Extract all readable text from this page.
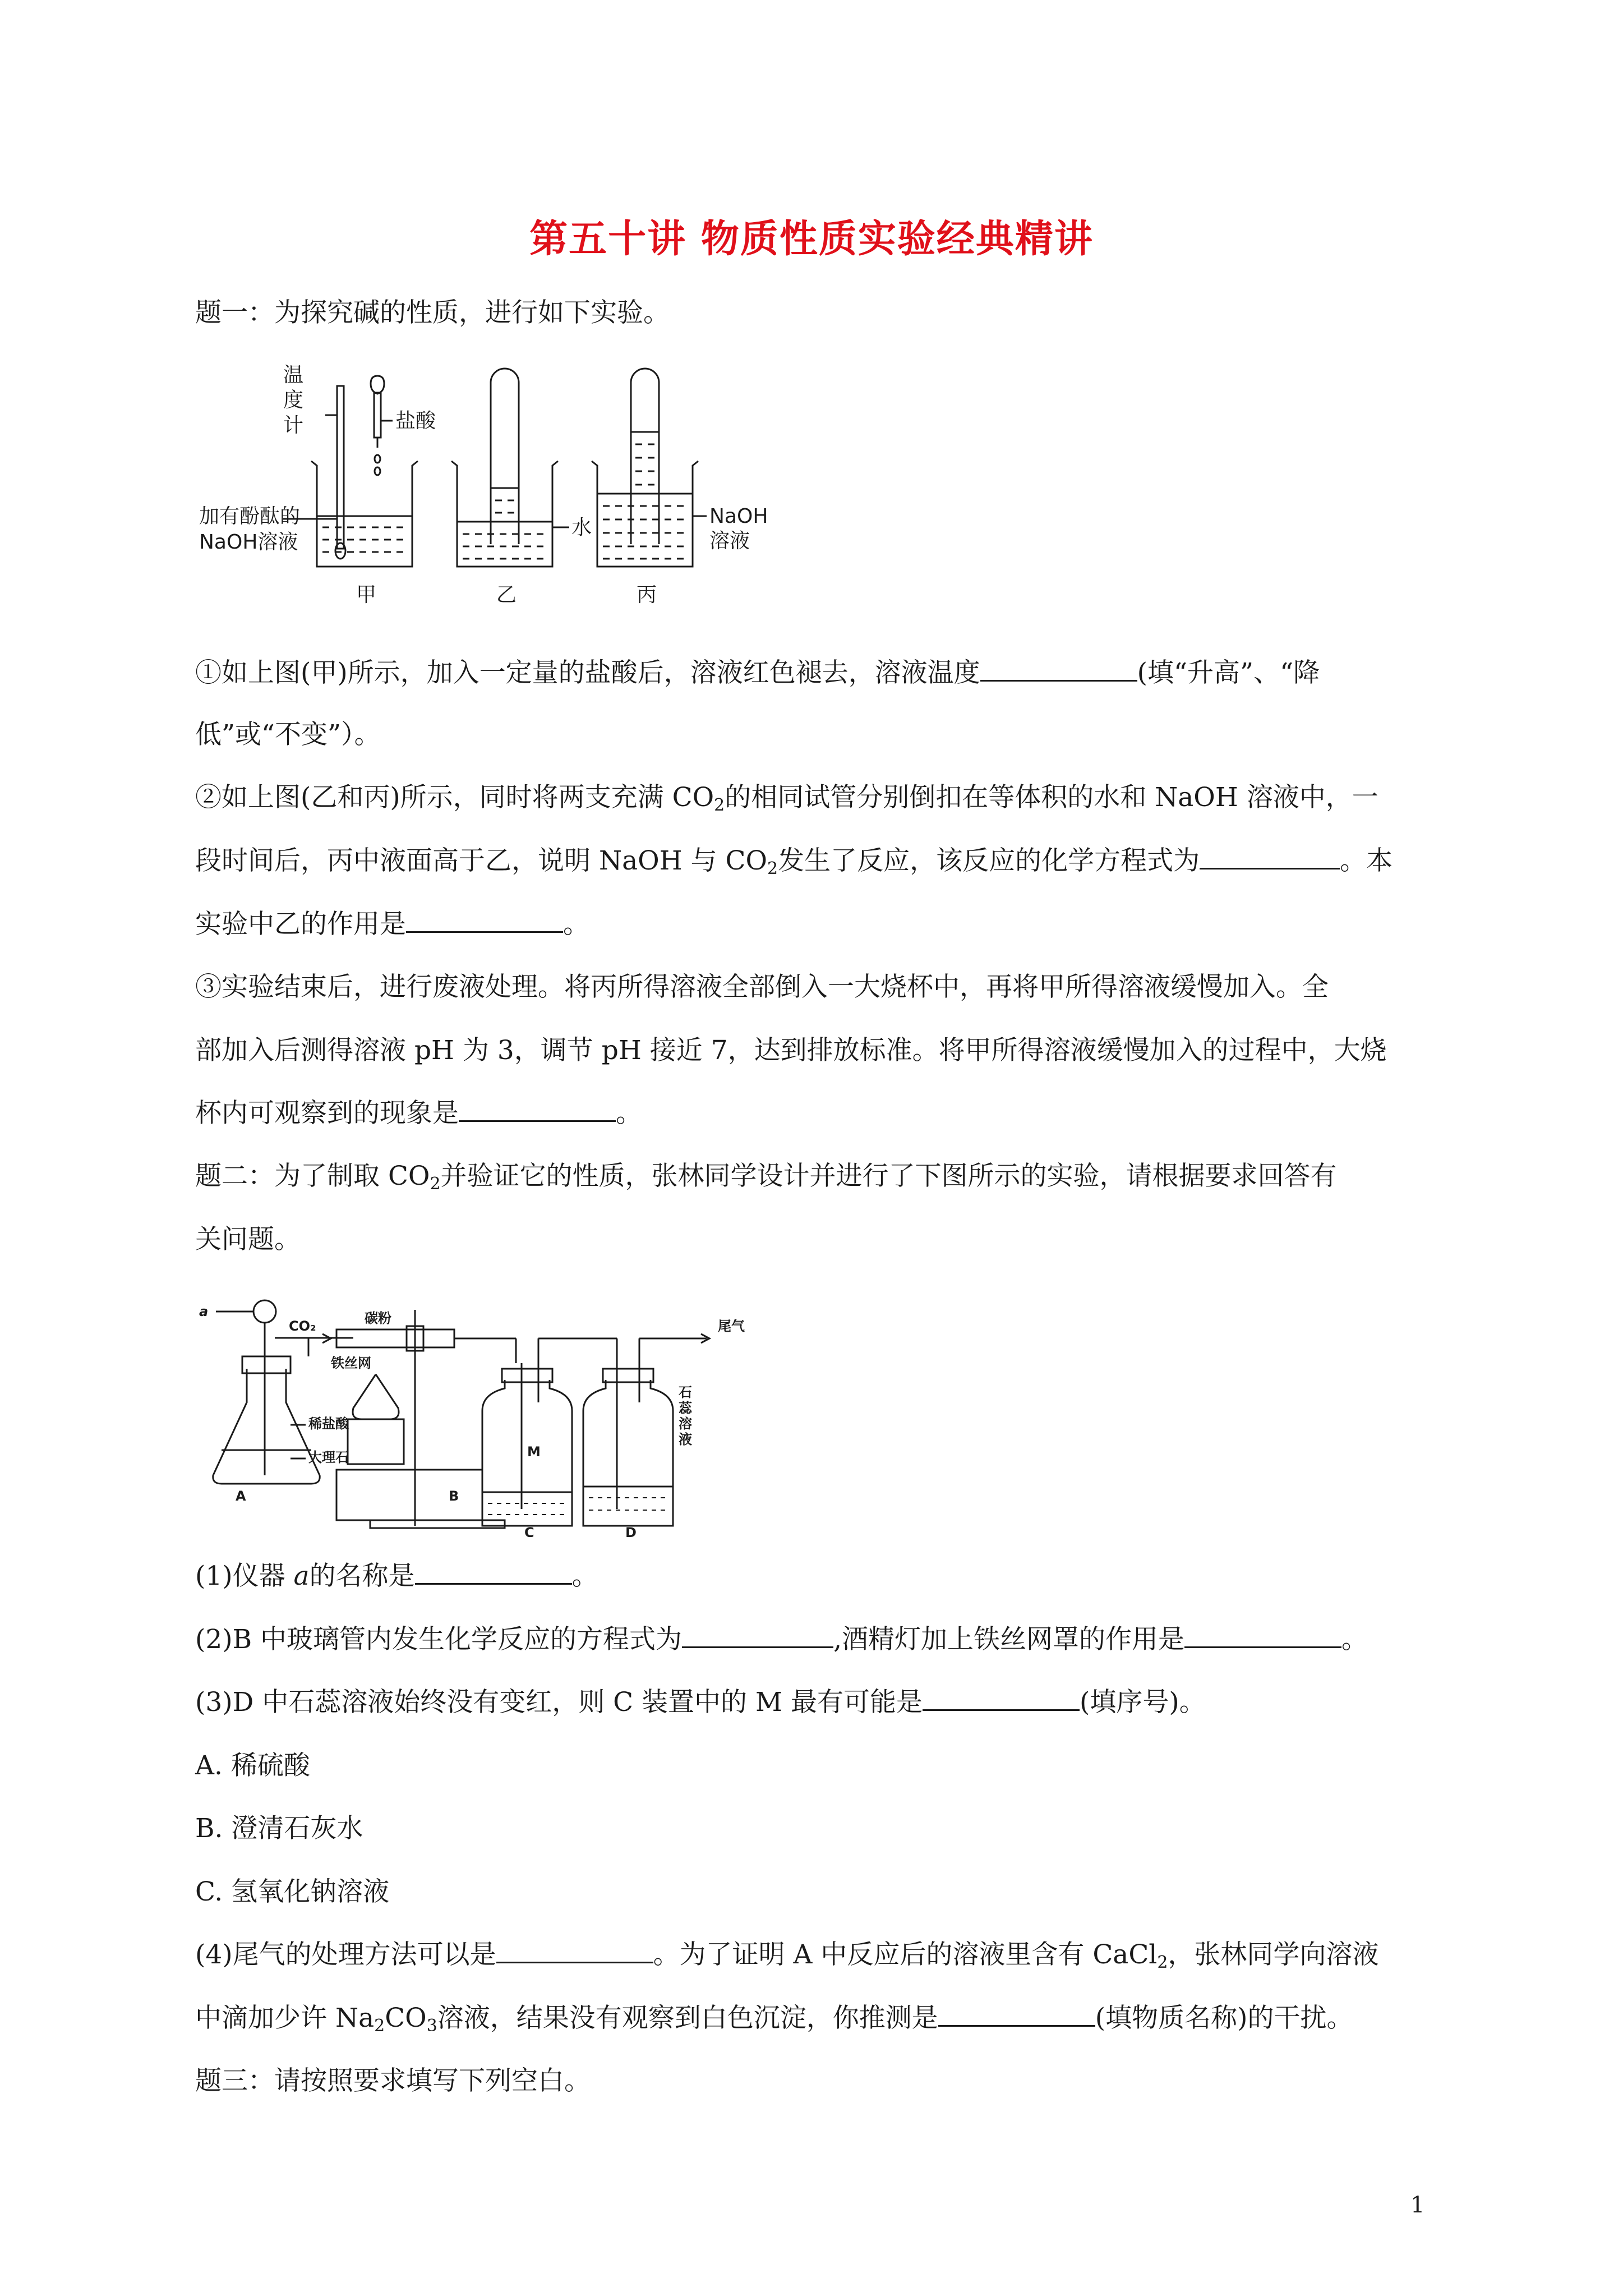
第五十讲 物质性质实验经典精讲
题一：为探究碱的性质，进行如下实验。
温
度
计	盐酸
加有酚酞的
NaOH溶液
水	NaOH
溶液
甲	乙	丙
①如上图(甲)所示，加入一定量的盐酸后，溶液红色褪去，溶液温度	(填“升高”、“降
低”或“不变”）。
②如上图(乙和丙)所示，同时将两支充满 $CO_2$的相同试管分别倒扣在等体积的水和 NaOH 溶液中，一
段时间后，丙中液面高于乙，说明 NaOH 与 $CO_2$发生了反应，该反应的化学方程式为	。本
实验中乙的作用是	。
③实验结束后，进行废液处理。将丙所得溶液全部倒入一大烧杯中，再将甲所得溶液缓慢加入。全
部加入后测得溶液 pH 为 3，调节 pH 接近 7，达到排放标准。将甲所得溶液缓慢加入的过程中，大烧
杯内可观察到的现象是	。
题二：为了制取 $CO_2$并验证它的性质，张林同学设计并进行了下图所示的实验，请根据要求回答有
关问题。
a
CO₂	碳粉
铁丝网
尾气
稀盐酸
大理石	M
石
蕊
溶
液
A	B
C	D
(1)仪器 a的名称是	。
(2)B 中玻璃管内发生化学反应的方程式为	,酒精灯加上铁丝网罩的作用是	。
(3)D 中石蕊溶液始终没有变红，则 C 装置中的 M 最有可能是	(填序号)。
A. 稀硫酸
B. 澄清石灰水
C. 氢氧化钠溶液
(4)尾气的处理方法可以是	。为了证明 A 中反应后的溶液里含有 CaCl$_2$，张林同学向溶液
中滴加少许 $Na_2CO_3$溶液，结果没有观察到白色沉淀，你推测是	(填物质名称)的干扰。
题三：请按照要求填写下列空白。
1
